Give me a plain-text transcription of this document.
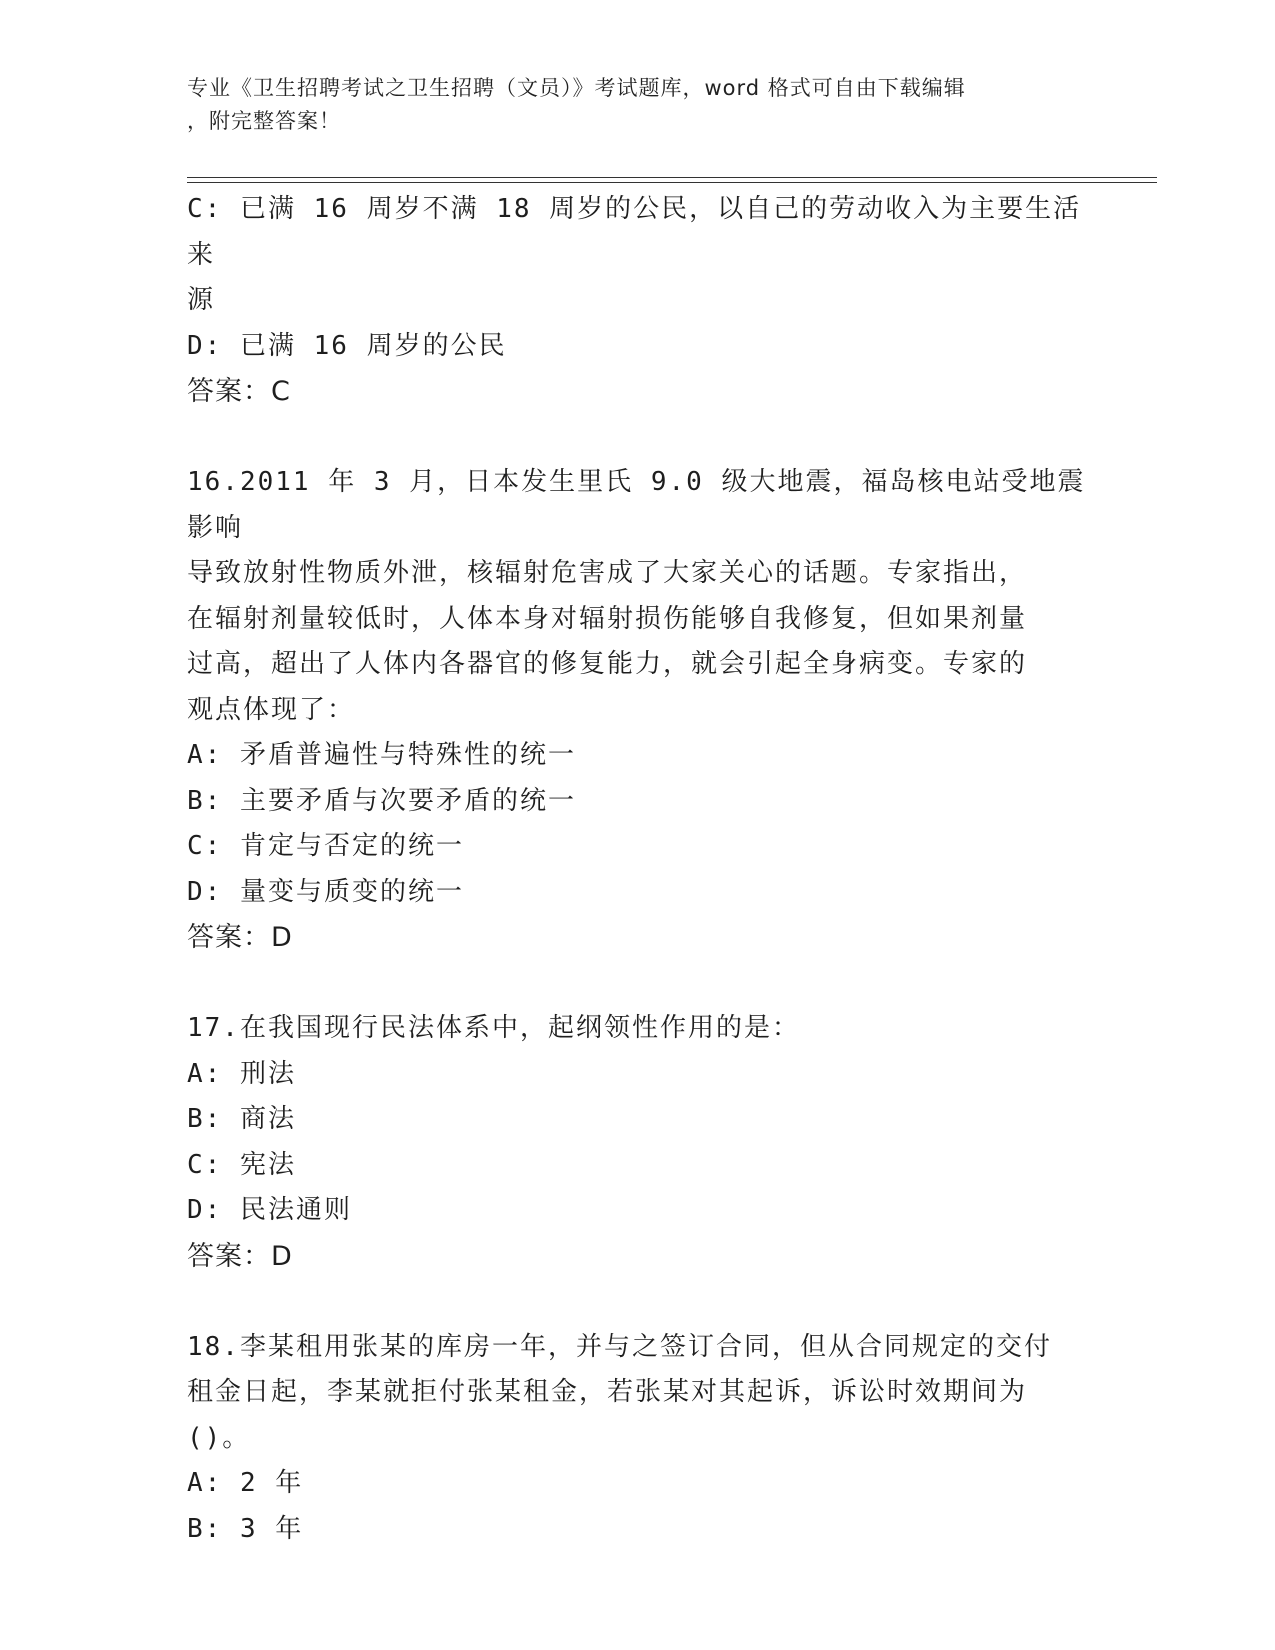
专业《卫生招聘考试之卫生招聘（文员）》考试题库，word 格式可自由下载编辑
，附完整答案！
C: 已满 16 周岁不满 18 周岁的公民，以自己的劳动收入为主要生活来
源
D: 已满 16 周岁的公民
答案：C
16.2011 年 3 月，日本发生里氏 9.0 级大地震，福岛核电站受地震影响
导致放射性物质外泄，核辐射危害成了大家关心的话题。专家指出，
在辐射剂量较低时，人体本身对辐射损伤能够自我修复，但如果剂量
过高，超出了人体内各器官的修复能力，就会引起全身病变。专家的
观点体现了：
A: 矛盾普遍性与特殊性的统一
B: 主要矛盾与次要矛盾的统一
C: 肯定与否定的统一
D: 量变与质变的统一
答案：D
17.在我国现行民法体系中，起纲领性作用的是：
A: 刑法
B: 商法
C: 宪法
D: 民法通则
答案：D
18.李某租用张某的库房一年，并与之签订合同，但从合同规定的交付
租金日起，李某就拒付张某租金，若张某对其起诉，诉讼时效期间为
()。
A: 2 年
B: 3 年
